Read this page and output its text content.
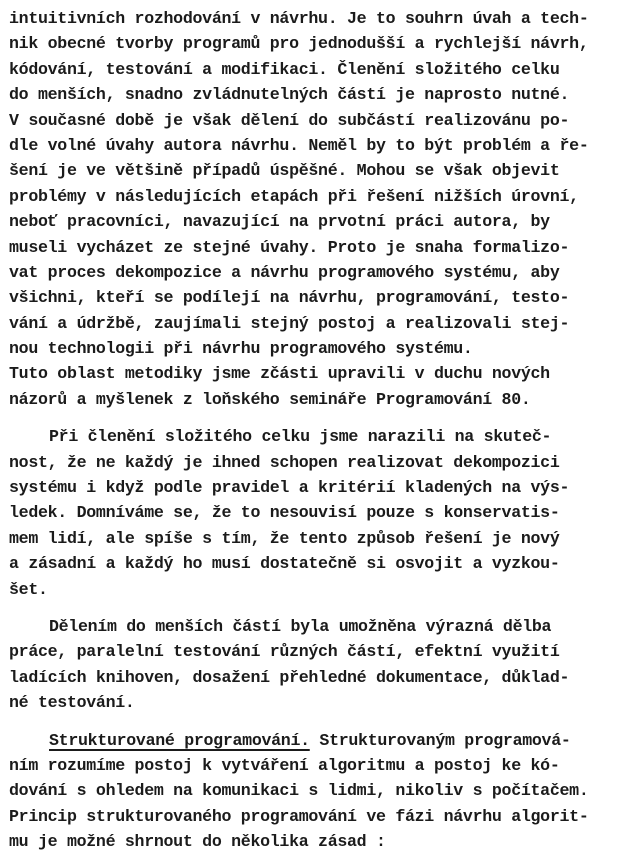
intuitivních rozhodování v návrhu. Je to souhrn úvah a tech-
nik obecné tvorby programů pro jednodušší a rychlejší návrh,
kódování, testování a modifikaci. Členění složitého celku
do menších, snadno zvládnutelných částí je naprosto nutné.
V současné době je však dělení do subčástí realizovánu po-
dle volné úvahy autora návrhu. Neměl by to být problém a ře-
šení je ve většině případů úspěšné. Mohou se však objevit
problémy v následujících etapách při řešení nižších úrovní,
neboť pracovníci, navazující na prvotní práci autora, by
museli vycházet ze stejné úvahy. Proto je snaha formalizo-
vat proces dekompozice a návrhu programového systému, aby
všichni, kteří se podílejí na návrhu, programování, testo-
vání a údržbě, zaujímali stejný postoj a realizovali stej-
nou technologii při návrhu programového systému.
Tuto oblast metodiky jsme zčásti upravili v duchu nových
názorů a myšlenek z loňského semináře Programování 80.
Při členění složitého celku jsme narazili na skuteč-
nost, že ne každý je ihned schopen realizovat dekompozici
systému i když podle pravidel a kritérií kladených na výs-
ledek. Domníváme se, že to nesouvisí pouze s konservatis-
mem lidí, ale spíše s tím, že tento způsob řešení je nový
a zásadní a každý ho musí dostatečně si osvojit a vyzkou-
šet.
Dělením do menších částí byla umožněna výrazná dělba
práce, paralelní testování různých částí, efektní využití
ladících knihoven, dosažení přehledné dokumentace, důklad-
né testování.
Strukturované programování. Strukturovaným programová-
ním rozumíme postoj k vytváření algoritmu a postoj ke kó-
dování s ohledem na komunikaci s lidmi, nikoliv s počítačem.
Princip strukturovaného programování ve fázi návrhu algorit-
mu je možné shrnout do několika zásad :
